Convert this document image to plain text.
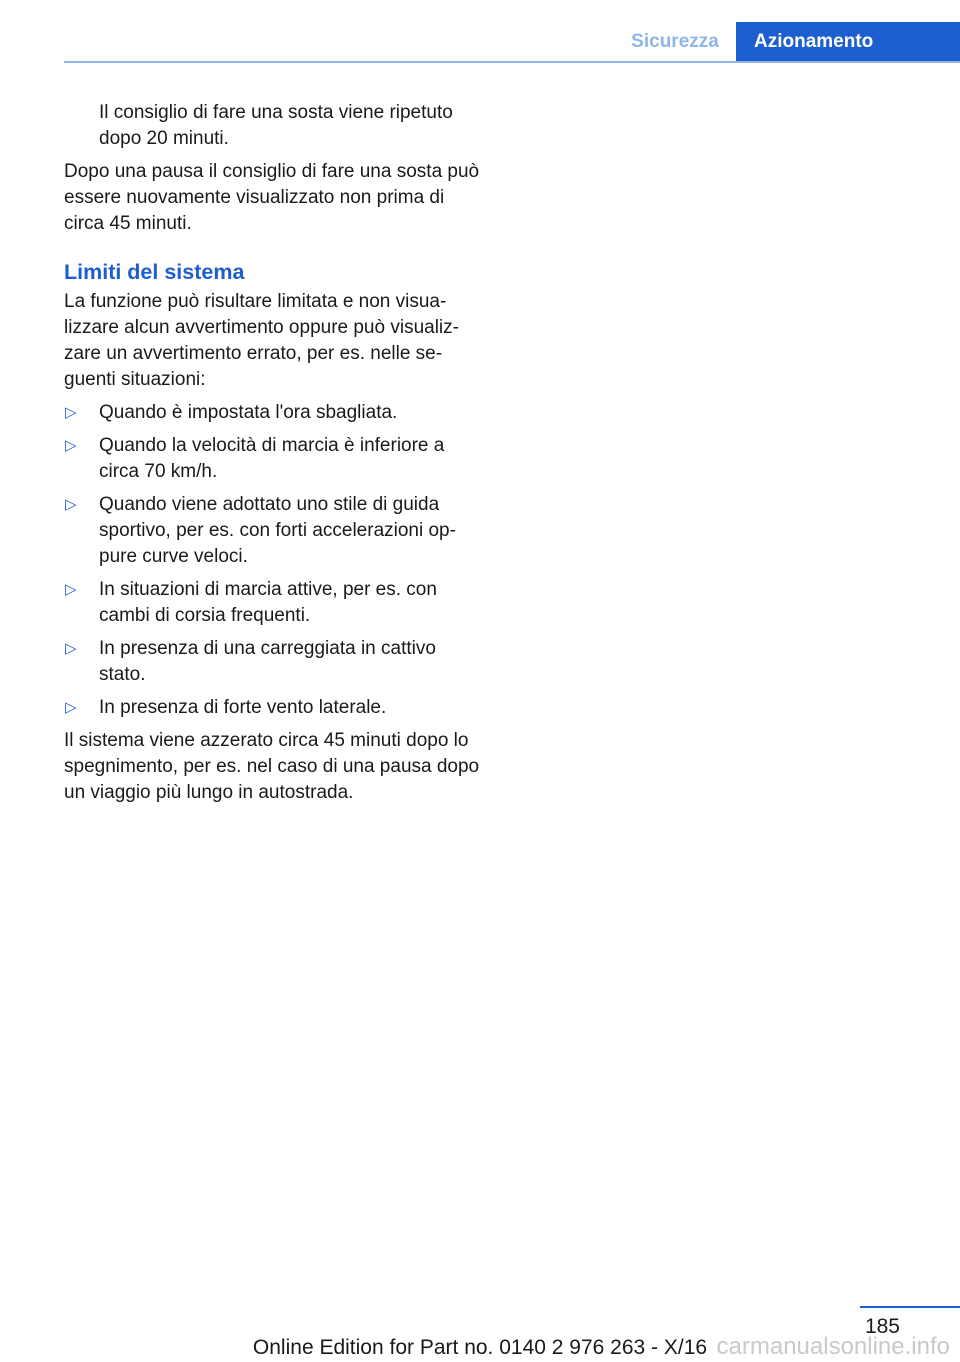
Sicurezza	Azionamento

Il consiglio di fare una sosta viene ripetuto dopo 20 minuti.

Dopo una pausa il consiglio di fare una sosta può essere nuovamente visualizzato non prima di circa 45 minuti.

Limiti del sistema

La funzione può risultare limitata e non visualizzare alcun avvertimento oppure può visualizzare un avvertimento errato, per es. nelle seguenti situazioni:

▷ Quando è impostata l'ora sbagliata.
▷ Quando la velocità di marcia è inferiore a circa 70 km/h.
▷ Quando viene adottato uno stile di guida sportivo, per es. con forti accelerazioni oppure curve veloci.
▷ In situazioni di marcia attive, per es. con cambi di corsia frequenti.
▷ In presenza di una carreggiata in cattivo stato.
▷ In presenza di forte vento laterale.

Il sistema viene azzerato circa 45 minuti dopo lo spegnimento, per es. nel caso di una pausa dopo un viaggio più lungo in autostrada.

185
Online Edition for Part no. 0140 2 976 263 - X/16 carmanualsonline.info
